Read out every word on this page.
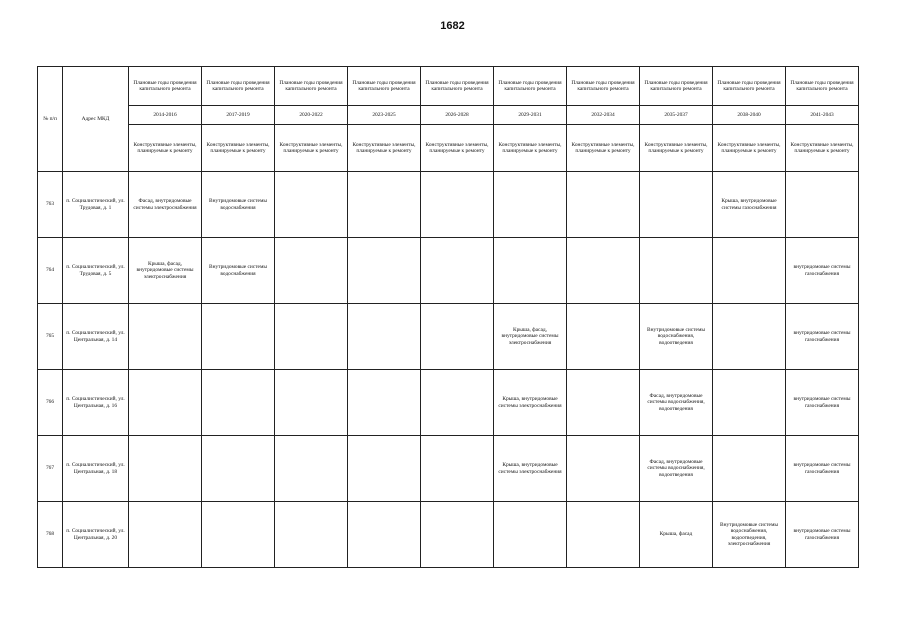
1682
№ п/п	Адрес МКД	Плановые годы проведения капитального ремонта	Плановые годы проведения капитального ремонта	Плановые годы проведения капитального ремонта	Плановые годы проведения капитального ремонта	Плановые годы проведения капитального ремонта	Плановые годы проведения капитального ремонта	Плановые годы проведения капитального ремонта	Плановые годы проведения капитального ремонта	Плановые годы проведения капитального ремонта	Плановые годы проведения капитального ремонта
		2014-2016	2017-2019	2020-2022	2023-2025	2026-2028	2029-2031	2032-2034	2035-2037	2038-2040	2041-2043
		Конструктивные элементы, планируемые к ремонту	Конструктивные элементы, планируемые к ремонту	Конструктивные элементы, планируемые к ремонту	Конструктивные элементы, планируемые к ремонту	Конструктивные элементы, планируемые к ремонту	Конструктивные элементы, планируемые к ремонту	Конструктивные элементы, планируемые к ремонту	Конструктивные элементы, планируемые к ремонту	Конструктивные элементы, планируемые к ремонту	Конструктивные элементы, планируемые к ремонту
763	п. Социалистический, ул. Трудовая, д. 1	Фасад, внутридомовые системы электроснабжения	Внутридомовые системы водоснабжения							Крыша, внутридомовые системы газоснабжения	
764	п. Социалистический, ул. Трудовая, д. 5	Крыша, фасад, внутридомовые системы электроснабжения	Внутридомовые системы водоснабжения								внутридомовые системы газоснабжения
765	п. Социалистический, ул. Центральная, д. 14						Крыша, фасад, внутридомовые системы электроснабжения		Внутридомовые системы водоснабжения, водоотведения		внутридомовые системы газоснабжения
766	п. Социалистический, ул. Центральная, д. 16						Крыша, внутридомовые системы электроснабжения		Фасад, внутридомовые системы водоснабжения, водоотведения		внутридомовые системы газоснабжения
767	п. Социалистический, ул. Центральная, д. 18						Крыша, внутридомовые системы электроснабжения		Фасад, внутридомовые системы водоснабжения, водоотведения		внутридомовые системы газоснабжения
768	п. Социалистический, ул. Центральная, д. 20								Крыша, фасад	Внутридомовые системы водоснабжения, водоотведения, электроснабжения	внутридомовые системы газоснабжения
